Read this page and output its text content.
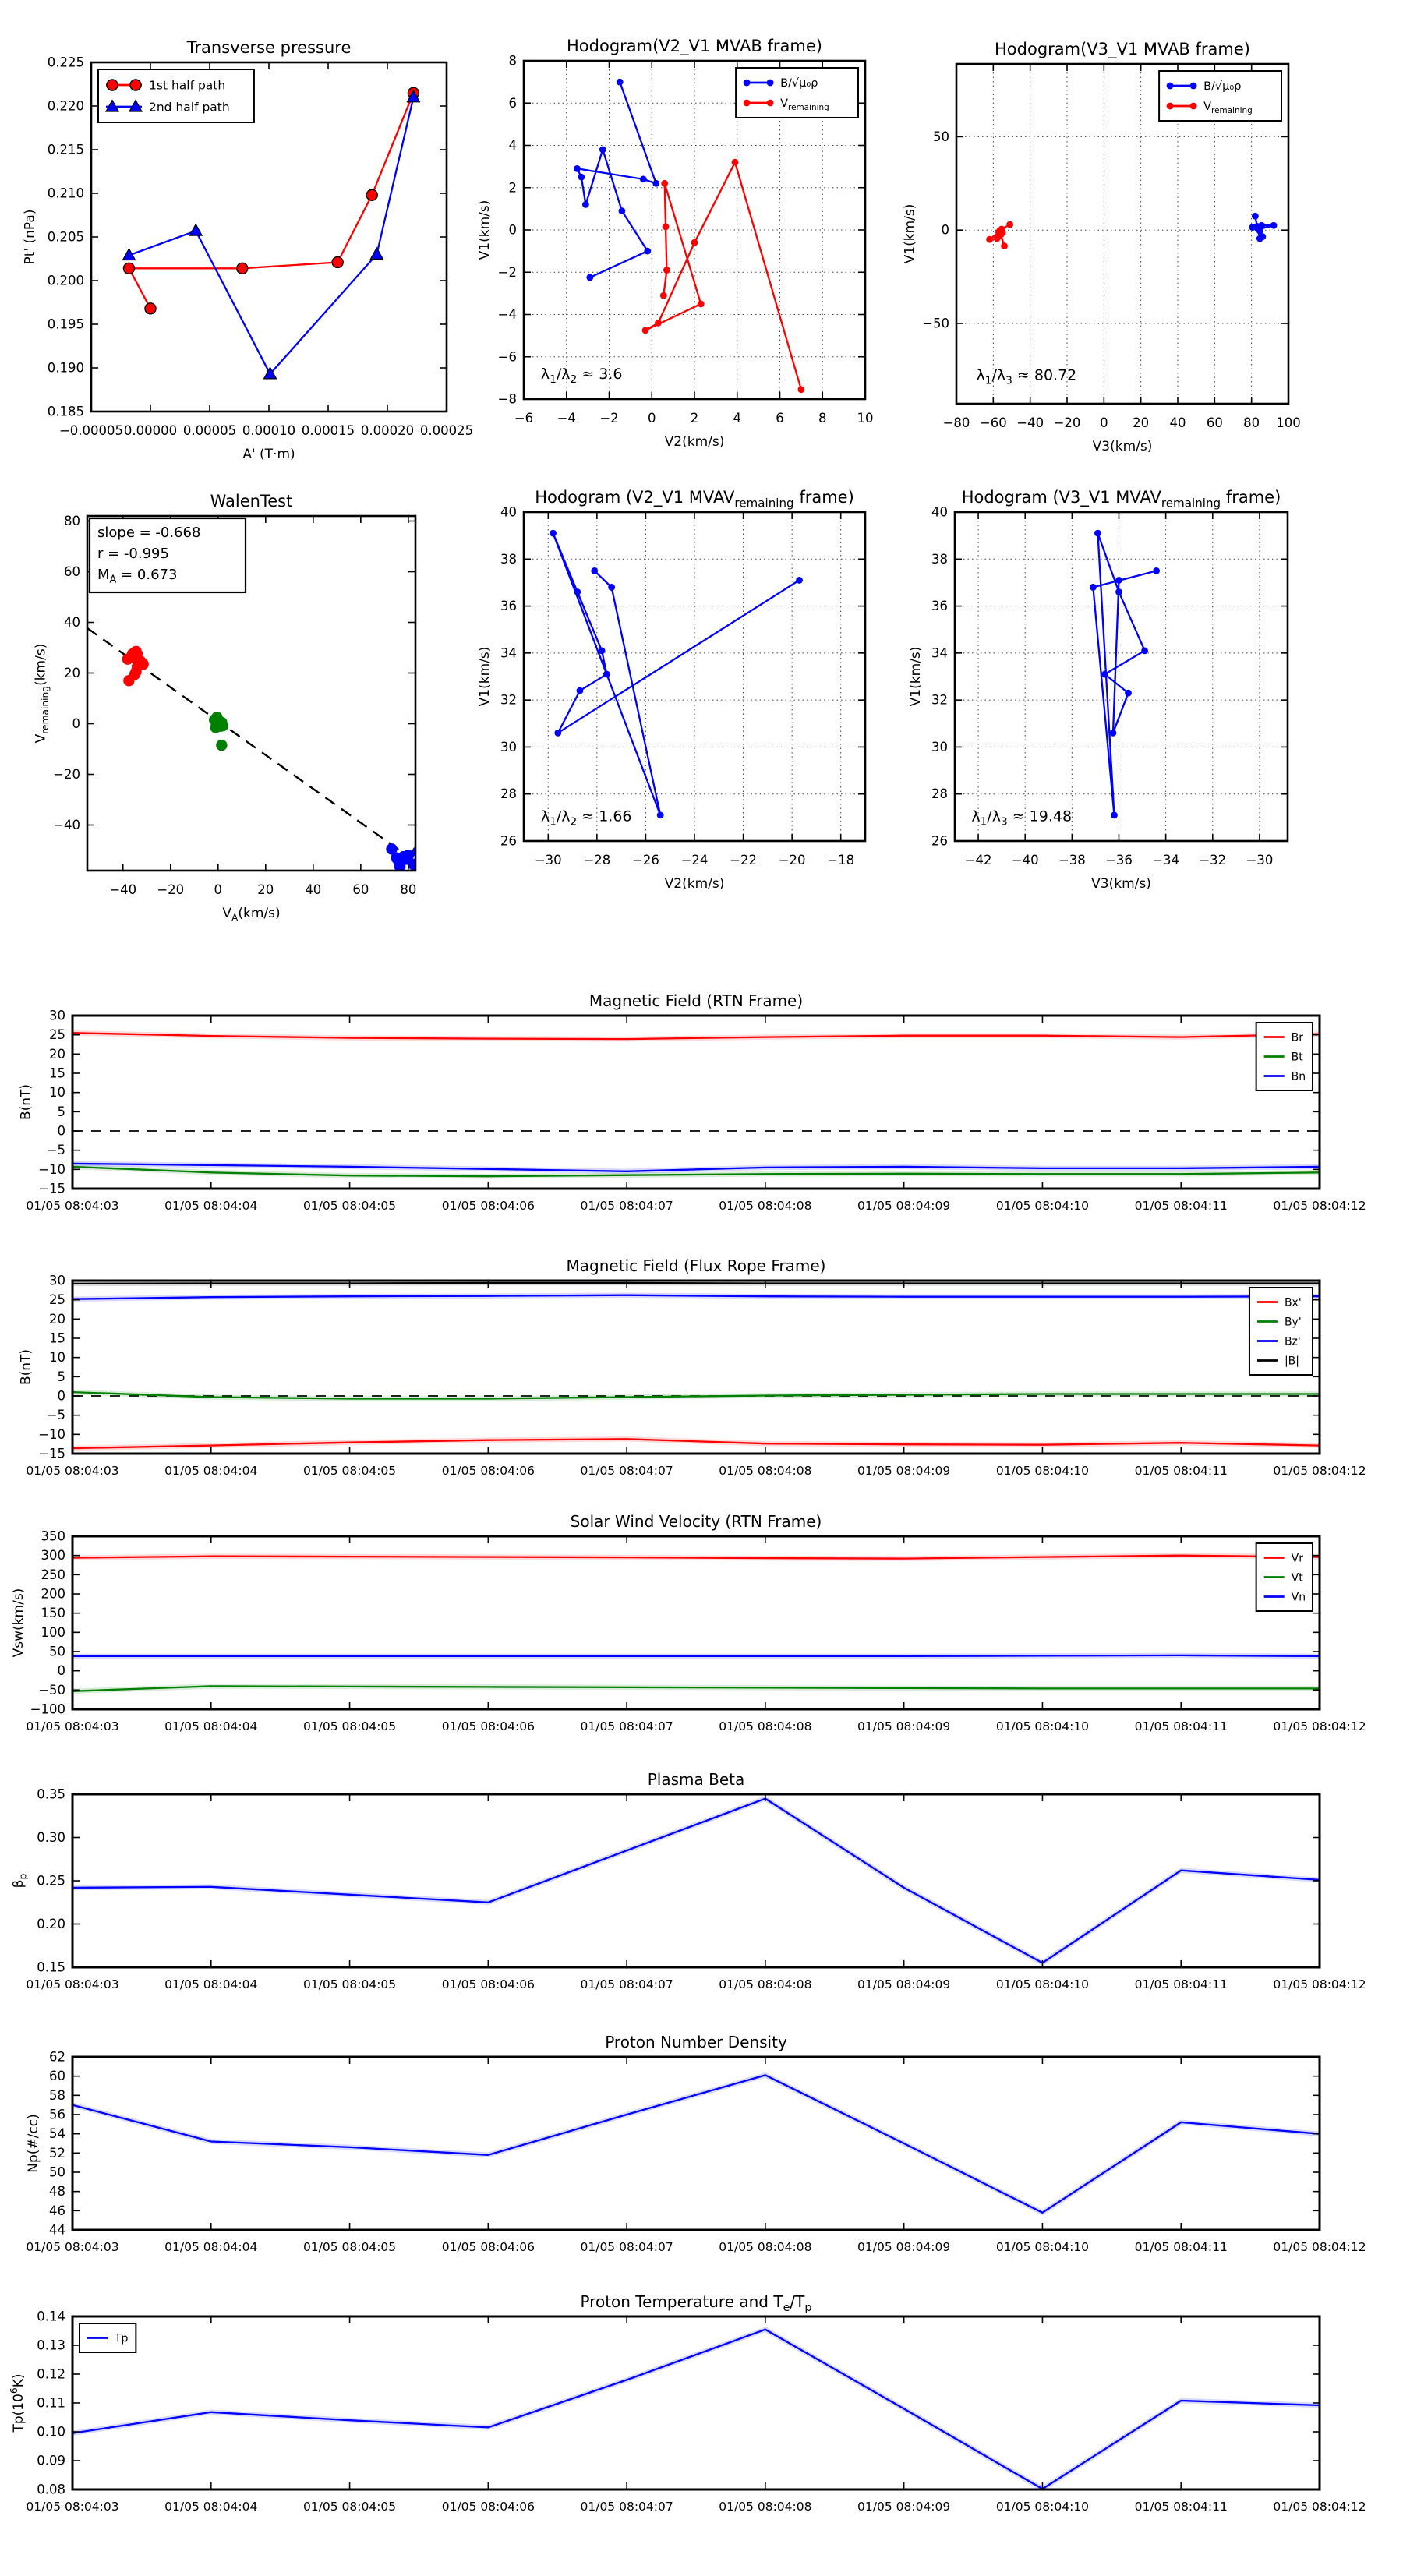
−0.00005 0.00000 0.00005 0.00010 0.00015 0.00020 0.00025
0.185
0.190
0.195
0.200
0.205
0.210
0.215
0.220
0.225
Transverse pressure
A' (T·m)
Pt' (nPa)
1st half path
2nd half path
−6 −4 −2 0	2	4	6	8 10
−8
−6
−4
−2
0
2
4
6
8
Hodogram(V2_V1 MVAB frame)
V2(km/s)
V1(km/s)
$\lambda_1/\lambda_2 \approx 3.6$
B/√μ₀ρ
$V_{remaining}$
−80 −60 −40 −20 0 20 40 60 80 100
−50
0
50
Hodogram(V3_V1 MVAB frame)
V3(km/s)
V1(km/s)
$\lambda_1/\lambda_3 \approx 80.72$
B/√μ₀ρ
$V_{remaining}$
−40 −20 0	20 40 60 80
−40
−20
0
20
40
60
80
WalenTest
$V_A(km/s)$
$V_{remaining}(km/s)$
slope = -0.668
r = -0.995
$M_A = 0.673$
−30 −28 −26 −24 −22 −20 −18
26
28
30
32
34
36
38
40
Hodogram (V2_V1 $MVAV_{remaining}$ frame)
V2(km/s)
V1(km/s)
$\lambda_1/\lambda_2 \approx 1.66$
−42 −40 −38 −36 −34 −32 −30
26
28
30
32
34
36
38
40
Hodogram (V3_V1 $MVAV_{remaining}$ frame)
V3(km/s)
V1(km/s)
$\lambda_1/\lambda_3 \approx 19.48$
01/05 08:04:03	01/05 08:04:04	01/05 08:04:05	01/05 08:04:06	01/05 08:04:07	01/05 08:04:08	01/05 08:04:09	01/05 08:04:10	01/05 08:04:11	01/05 08:04:12
−15
−10
−5
0
5
10
15
20
25
30
Magnetic Field (RTN Frame)
B(nT)
Br
Bt
Bn
01/05 08:04:03	01/05 08:04:04	01/05 08:04:05	01/05 08:04:06	01/05 08:04:07	01/05 08:04:08	01/05 08:04:09	01/05 08:04:10	01/05 08:04:11	01/05 08:04:12
−15
−10
−5
0
5
10
15
20
25
30
Magnetic Field (Flux Rope Frame)
B(nT)
Bx'
By'
Bz'
|B|
01/05 08:04:03	01/05 08:04:04	01/05 08:04:05	01/05 08:04:06	01/05 08:04:07	01/05 08:04:08	01/05 08:04:09	01/05 08:04:10	01/05 08:04:11	01/05 08:04:12
−100
−50
0
50
100
150
200
250
300
350
Solar Wind Velocity (RTN Frame)
Vsw(km/s)
Vr
Vt
Vn
01/05 08:04:03	01/05 08:04:04	01/05 08:04:05	01/05 08:04:06	01/05 08:04:07	01/05 08:04:08	01/05 08:04:09	01/05 08:04:10	01/05 08:04:11	01/05 08:04:12
0.15
0.20
0.25
0.30
0.35
Plasma Beta
$\beta_p$
01/05 08:04:03	01/05 08:04:04	01/05 08:04:05	01/05 08:04:06	01/05 08:04:07	01/05 08:04:08	01/05 08:04:09	01/05 08:04:10	01/05 08:04:11	01/05 08:04:12
44
46
48
50
52
54
56
58
60
62
Proton Number Density
Np(#/cc)
01/05 08:04:03	01/05 08:04:04	01/05 08:04:05	01/05 08:04:06	01/05 08:04:07	01/05 08:04:08	01/05 08:04:09	01/05 08:04:10	01/05 08:04:11	01/05 08:04:12
0.08
0.09
0.10
0.11
0.12
0.13
0.14
Proton Temperature and $T_e/T_p$
$Tp(10^6K)$
Tp
